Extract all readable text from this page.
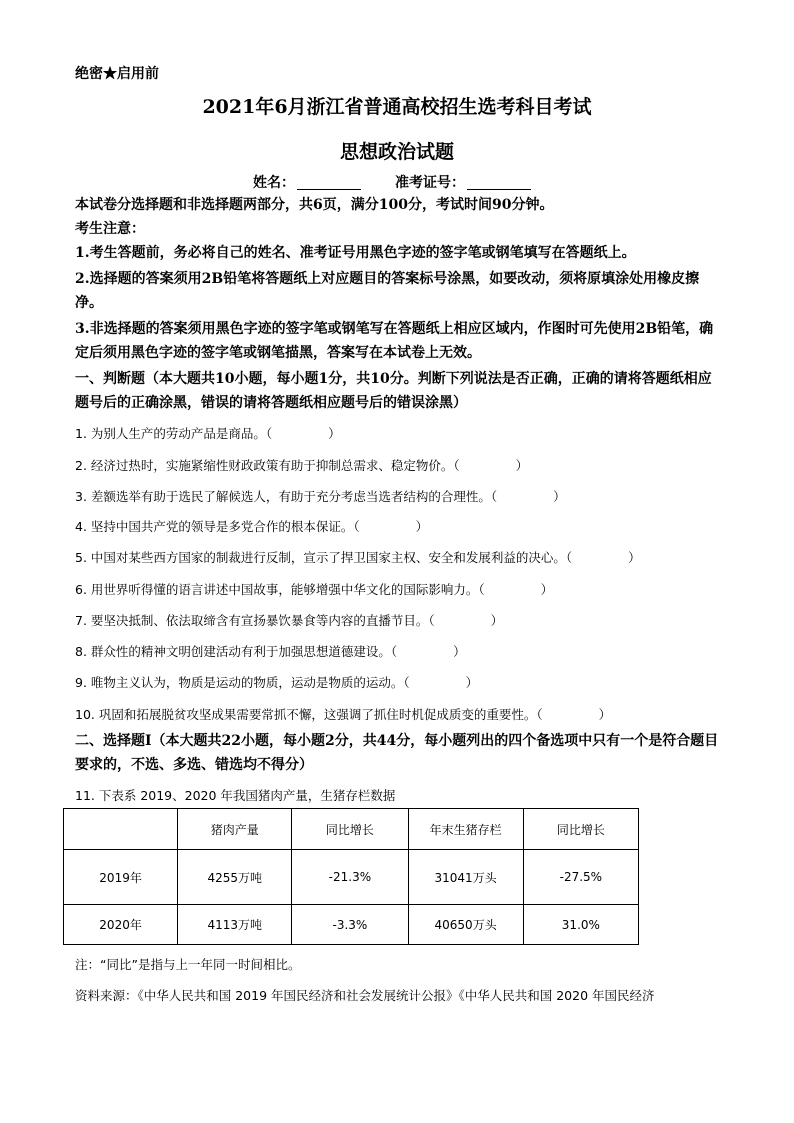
绝密★启用前
2021年6月浙江省普通高校招生选考科目考试
思想政治试题
姓名：	准考证号：
本试卷分选择题和非选择题两部分，共6页，满分100分，考试时间90分钟。
考生注意：
1.考生答题前，务必将自己的姓名、准考证号用黑色字迹的签字笔或钢笔填写在答题纸上。
2.选择题的答案须用2B铅笔将答题纸上对应题目的答案标号涂黑，如要改动，须将原填涂处用橡皮擦净。
3.非选择题的答案须用黑色字迹的签字笔或钢笔写在答题纸上相应区域内，作图时可先使用2B铅笔，确定后须用黑色字迹的签字笔或钢笔描黑，答案写在本试卷上无效。
一、判断题（本大题共10小题，每小题1分，共10分。判断下列说法是否正确，正确的请将答题纸相应题号后的正确涂黑，错误的请将答题纸相应题号后的错误涂黑）
1. 为别人生产的劳动产品是商品。（	）
2. 经济过热时，实施紧缩性财政政策有助于抑制总需求、稳定物价。（	）
3. 差额选举有助于选民了解候选人，有助于充分考虑当选者结构的合理性。（	）
4. 坚持中国共产党的领导是多党合作的根本保证。（	）
5. 中国对某些西方国家的制裁进行反制，宣示了捍卫国家主权、安全和发展利益的决心。（	）
6. 用世界听得懂的语言讲述中国故事，能够增强中华文化的国际影响力。（	）
7. 要坚决抵制、依法取缔含有宣扬暴饮暴食等内容的直播节目。（	）
8. 群众性的精神文明创建活动有利于加强思想道德建设。（	）
9. 唯物主义认为，物质是运动的物质，运动是物质的运动。（	）
10. 巩固和拓展脱贫攻坚成果需要常抓不懈，这强调了抓住时机促成质变的重要性。（	）
二、选择题Ⅰ（本大题共22小题，每小题2分，共44分，每小题列出的四个备选项中只有一个是符合题目要求的，不选、多选、错选均不得分）
11. 下表系 2019、2020 年我国猪肉产量，生猪存栏数据
	猪肉产量	同比增长	年末生猪存栏	同比增长
2019年	4255万吨	-21.3%	31041万头	-27.5%
2020年	4113万吨	-3.3%	40650万头	31.0%
注：“同比”是指与上一年同一时间相比。
资料来源：《中华人民共和国 2019 年国民经济和社会发展统计公报》《中华人民共和国 2020 年国民经济
